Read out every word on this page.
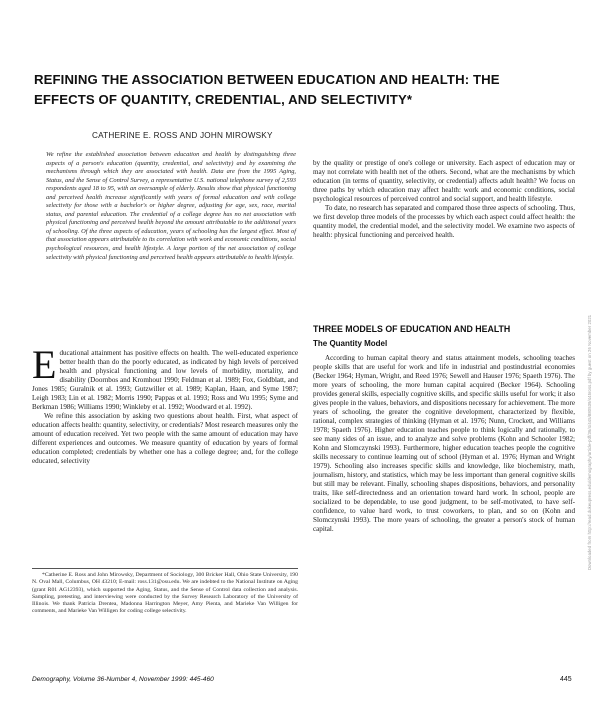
REFINING THE ASSOCIATION BETWEEN EDUCATION AND HEALTH: THE EFFECTS OF QUANTITY, CREDENTIAL, AND SELECTIVITY*
CATHERINE E. ROSS AND JOHN MIROWSKY
We refine the established association between education and health by distinguishing three aspects of a person's education (quantity, credential, and selectivity) and by examining the mechanisms through which they are associated with health. Data are from the 1995 Aging, Status, and the Sense of Control Survey, a representative U.S. national telephone survey of 2,593 respondents aged 18 to 95, with an oversample of elderly. Results show that physical functioning and perceived health increase significantly with years of formal education and with college selectivity for those with a bachelor's or higher degree, adjusting for age, sex, race, marital status, and parental education. The credential of a college degree has no net association with physical functioning and perceived health beyond the amount attributable to the additional years of schooling. Of the three aspects of education, years of schooling has the largest effect. Most of that association appears attributable to its correlation with work and economic conditions, social psychological resources, and health lifestyle. A large portion of the net association of college selectivity with physical functioning and perceived health appears attributable to health lifestyle.

Educational attainment has positive effects on health. The well-educated experience better health than do the poorly educated, as indicated by high levels of perceived health and physical functioning and low levels of morbidity, mortality, and disability (Doornbos and Kromhout 1990; Feldman et al. 1989; Fox, Goldblatt, and Jones 1985; Guralnik et al. 1993; Gutzwiller et al. 1989; Kaplan, Haan, and Syme 1987; Leigh 1983; Lin et al. 1982; Morris 1990; Pappas et al. 1993; Ross and Wu 1995; Syme and Berkman 1986; Williams 1990; Winkleby et al. 1992; Woodward et al. 1992).

We refine this association by asking two questions about health. First, what aspect of education affects health: quantity, selectivity, or credentials? Most research measures only the amount of education received. Yet two people with the same amount of education may have different experiences and outcomes. We measure quantity of education by years of formal education completed; credentials by whether one has a college degree; and, for the college educated, selectivity

*Catherine E. Ross and John Mirowsky, Department of Sociology, 300 Bricker Hall, Ohio State University, 190 N. Oval Mall, Columbus, OH 43210; E-mail: ross.131@osu.edu. We are indebted to the National Institute on Aging (grant R01 AG12393), which supported the Aging, Status, and the Sense of Control data collection and analysis. Sampling, pretesting, and interviewing were conducted by the Survey Research Laboratory of the University of Illinois. We thank Patricia Drentea, Madonna Harrington Meyer, Amy Pienta, and Marieke Van Willigen for comments, and Marieke Van Willigen for coding college selectivity.

by the quality or prestige of one's college or university. Each aspect of education may or may not correlate with health net of the others. Second, what are the mechanisms by which education (in terms of quantity, selectivity, or credential) affects adult health? We focus on three paths by which education may affect health: work and economic conditions, social psychological resources of perceived control and social support, and health lifestyle.

To date, no research has separated and compared those three aspects of schooling. Thus, we first develop three models of the processes by which each aspect could affect health: the quantity model, the credential model, and the selectivity model. We examine two aspects of health: physical functioning and perceived health.

THREE MODELS OF EDUCATION AND HEALTH
The Quantity Model

According to human capital theory and status attainment models, schooling teaches people skills that are useful for work and life in industrial and postindustrial economies (Becker 1964; Hyman, Wright, and Reed 1976; Sewell and Hauser 1976; Spaeth 1976). The more years of schooling, the more human capital acquired (Becker 1964). Schooling provides general skills, especially cognitive skills, and specific skills useful for work; it also gives people in the values, behaviors, and dispositions necessary for achievement. The more years of schooling, the greater the cognitive development, characterized by flexible, rational, complex strategies of thinking (Hyman et al. 1976; Nunn, Crockett, and Williams 1978; Spaeth 1976). Higher education teaches people to think logically and rationally, to see many sides of an issue, and to analyze and solve problems (Kohn and Schooler 1982; Kohn and Slomczynski 1993). Furthermore, higher education teaches people the cognitive skills necessary to continue learning out of school (Hyman et al. 1976; Hyman and Wright 1979). Schooling also increases specific skills and knowledge, like biochemistry, math, journalism, history, and statistics, which may be less important than general cognitive skills but still may be relevant. Finally, schooling shapes dispositions, behaviors, and personality traits, like self-directedness and an orientation toward hard work. In school, people are socialized to be dependable, to use good judgment, to be self-motivated, to have self-confidence, to value hard work, to trust coworkers, to plan, and so on (Kohn and Slomczynski 1993). The more years of schooling, the greater a person's stock of human capital.

Demography, Volume 36-Number 4, November 1999: 445-460	445
Downloaded from http://read.dukeupress.edu/demography/article-pdf/36/4/445/880539/445ross.pdf by guest on 26 November 2021
